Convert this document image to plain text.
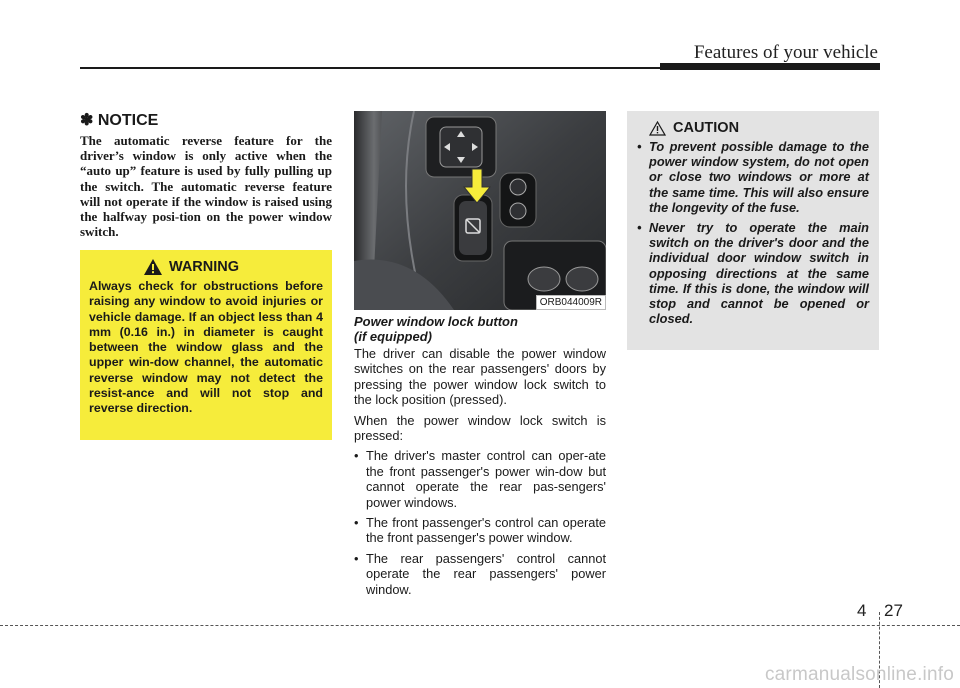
Features of your vehicle
✽ NOTICE
The automatic reverse feature for the driver’s window is only active when the “auto up” feature is used by fully pulling up the switch. The automatic reverse feature will not operate if the window is raised using the halfway posi-tion on the power window switch.
WARNING
Always check for obstructions before raising any window to avoid injuries or vehicle damage. If an object less than 4 mm (0.16 in.) in diameter is caught between the window glass and the upper win-dow channel, the automatic reverse window may not detect the resist-ance and will not stop and reverse direction.
ORB044009R
Power window lock button
(if equipped)

The driver can disable the power window switches on the rear passengers' doors by pressing the power window lock switch to the lock position (pressed).

When the power window lock switch is pressed:

• The driver's master control can oper-ate the front passenger's power win-dow but cannot operate the rear pas-sengers' power windows.
• The front passenger's control can operate the front passenger's power window.
• The rear passengers' control cannot operate the rear passengers' power window.
CAUTION
• To prevent possible damage to the power window system, do not open or close two windows or more at the same time. This will also ensure the longevity of the fuse.
• Never try to operate the main switch on the driver's door and the individual door window switch in opposing directions at the same time. If this is done, the window will stop and cannot be opened or closed.
4 27
carmanualsonline.info
